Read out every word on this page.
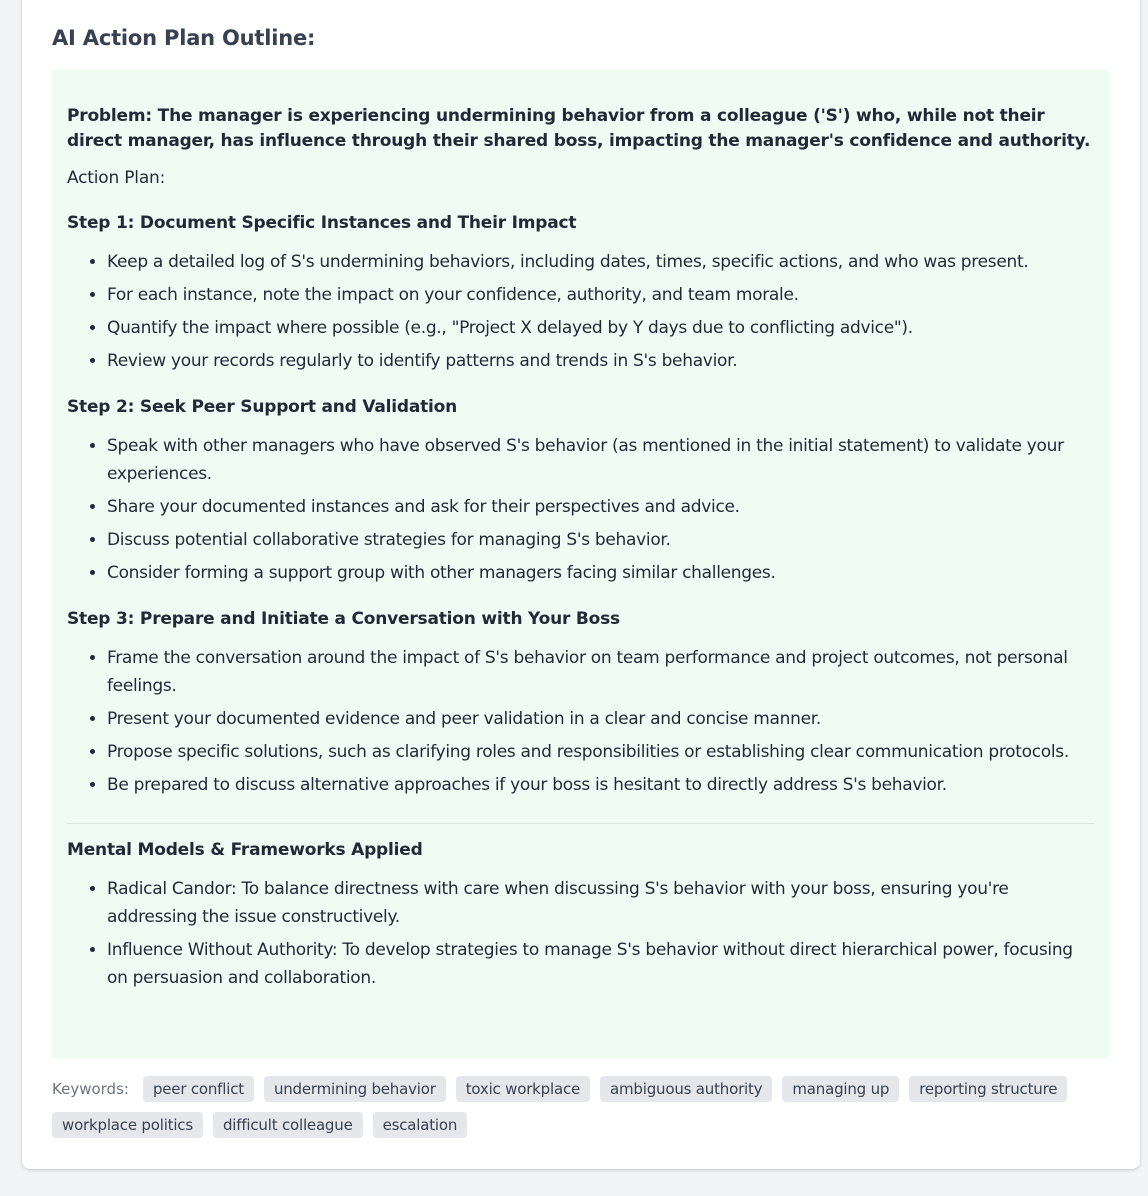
AI Action Plan Outline:

Problem: The manager is experiencing undermining behavior from a colleague ('S') who, while not their direct manager, has influence through their shared boss, impacting the manager's confidence and authority.

Action Plan:

Step 1: Document Specific Instances and Their Impact

• Keep a detailed log of S's undermining behaviors, including dates, times, specific actions, and who was present.
• For each instance, note the impact on your confidence, authority, and team morale.
• Quantify the impact where possible (e.g., "Project X delayed by Y days due to conflicting advice").
• Review your records regularly to identify patterns and trends in S's behavior.

Step 2: Seek Peer Support and Validation

• Speak with other managers who have observed S's behavior (as mentioned in the initial statement) to validate your experiences.
• Share your documented instances and ask for their perspectives and advice.
• Discuss potential collaborative strategies for managing S's behavior.
• Consider forming a support group with other managers facing similar challenges.

Step 3: Prepare and Initiate a Conversation with Your Boss

• Frame the conversation around the impact of S's behavior on team performance and project outcomes, not personal feelings.
• Present your documented evidence and peer validation in a clear and concise manner.
• Propose specific solutions, such as clarifying roles and responsibilities or establishing clear communication protocols.
• Be prepared to discuss alternative approaches if your boss is hesitant to directly address S's behavior.

Mental Models & Frameworks Applied

• Radical Candor: To balance directness with care when discussing S's behavior with your boss, ensuring you're addressing the issue constructively.
• Influence Without Authority: To develop strategies to manage S's behavior without direct hierarchical power, focusing on persuasion and collaboration.
Keywords:	peer conflict	undermining behavior	toxic workplace	ambiguous authority	managing up	reporting structure
workplace politics	difficult colleague	escalation
